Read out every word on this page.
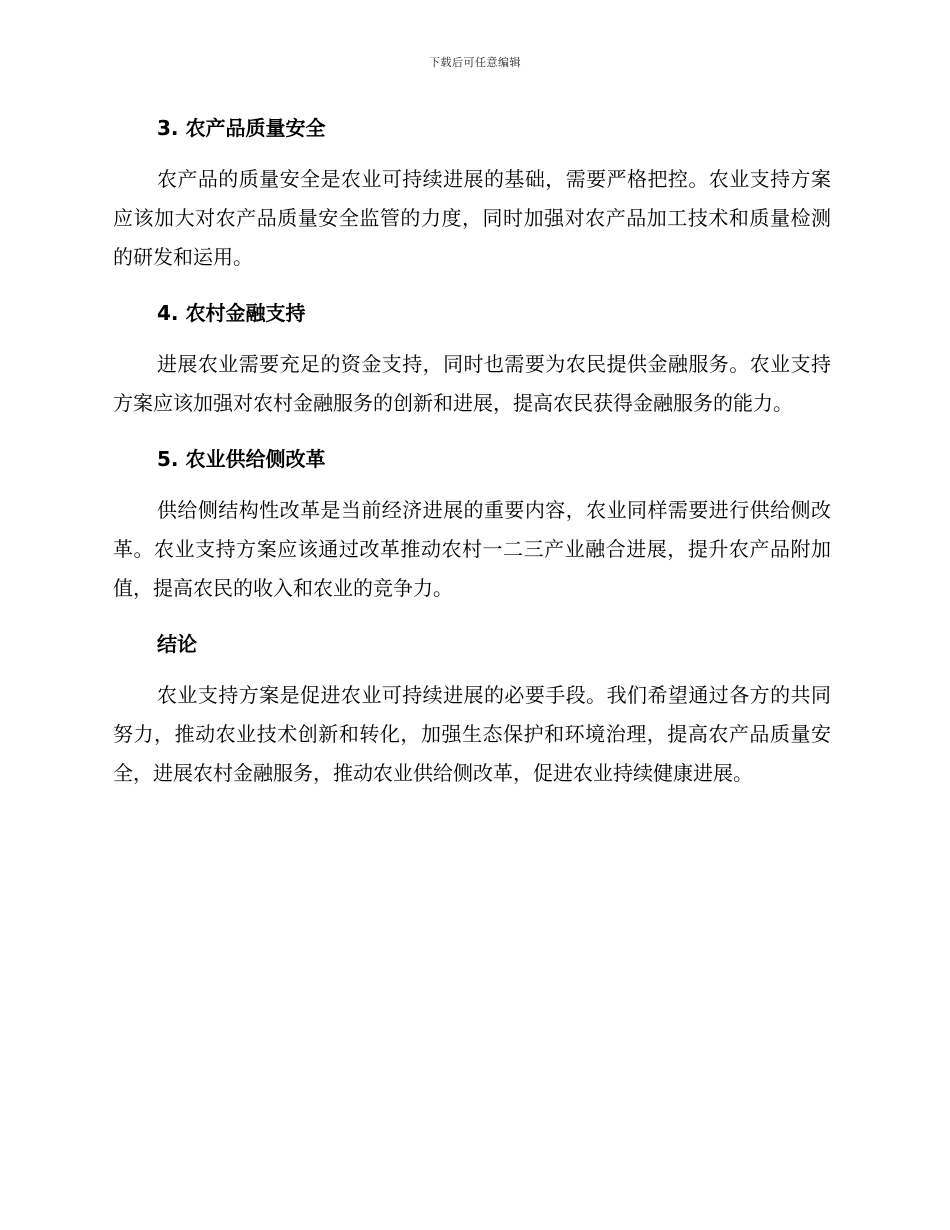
下载后可任意编辑
3. 农产品质量安全

农产品的质量安全是农业可持续进展的基础，需要严格把控。农业支持方案应该加大对农产品质量安全监管的力度，同时加强对农产品加工技术和质量检测的研发和运用。

4. 农村金融支持

进展农业需要充足的资金支持，同时也需要为农民提供金融服务。农业支持方案应该加强对农村金融服务的创新和进展，提高农民获得金融服务的能力。

5. 农业供给侧改革

供给侧结构性改革是当前经济进展的重要内容，农业同样需要进行供给侧改革。农业支持方案应该通过改革推动农村一二三产业融合进展，提升农产品附加值，提高农民的收入和农业的竞争力。

结论

农业支持方案是促进农业可持续进展的必要手段。我们希望通过各方的共同努力，推动农业技术创新和转化，加强生态保护和环境治理，提高农产品质量安全，进展农村金融服务，推动农业供给侧改革，促进农业持续健康进展。
